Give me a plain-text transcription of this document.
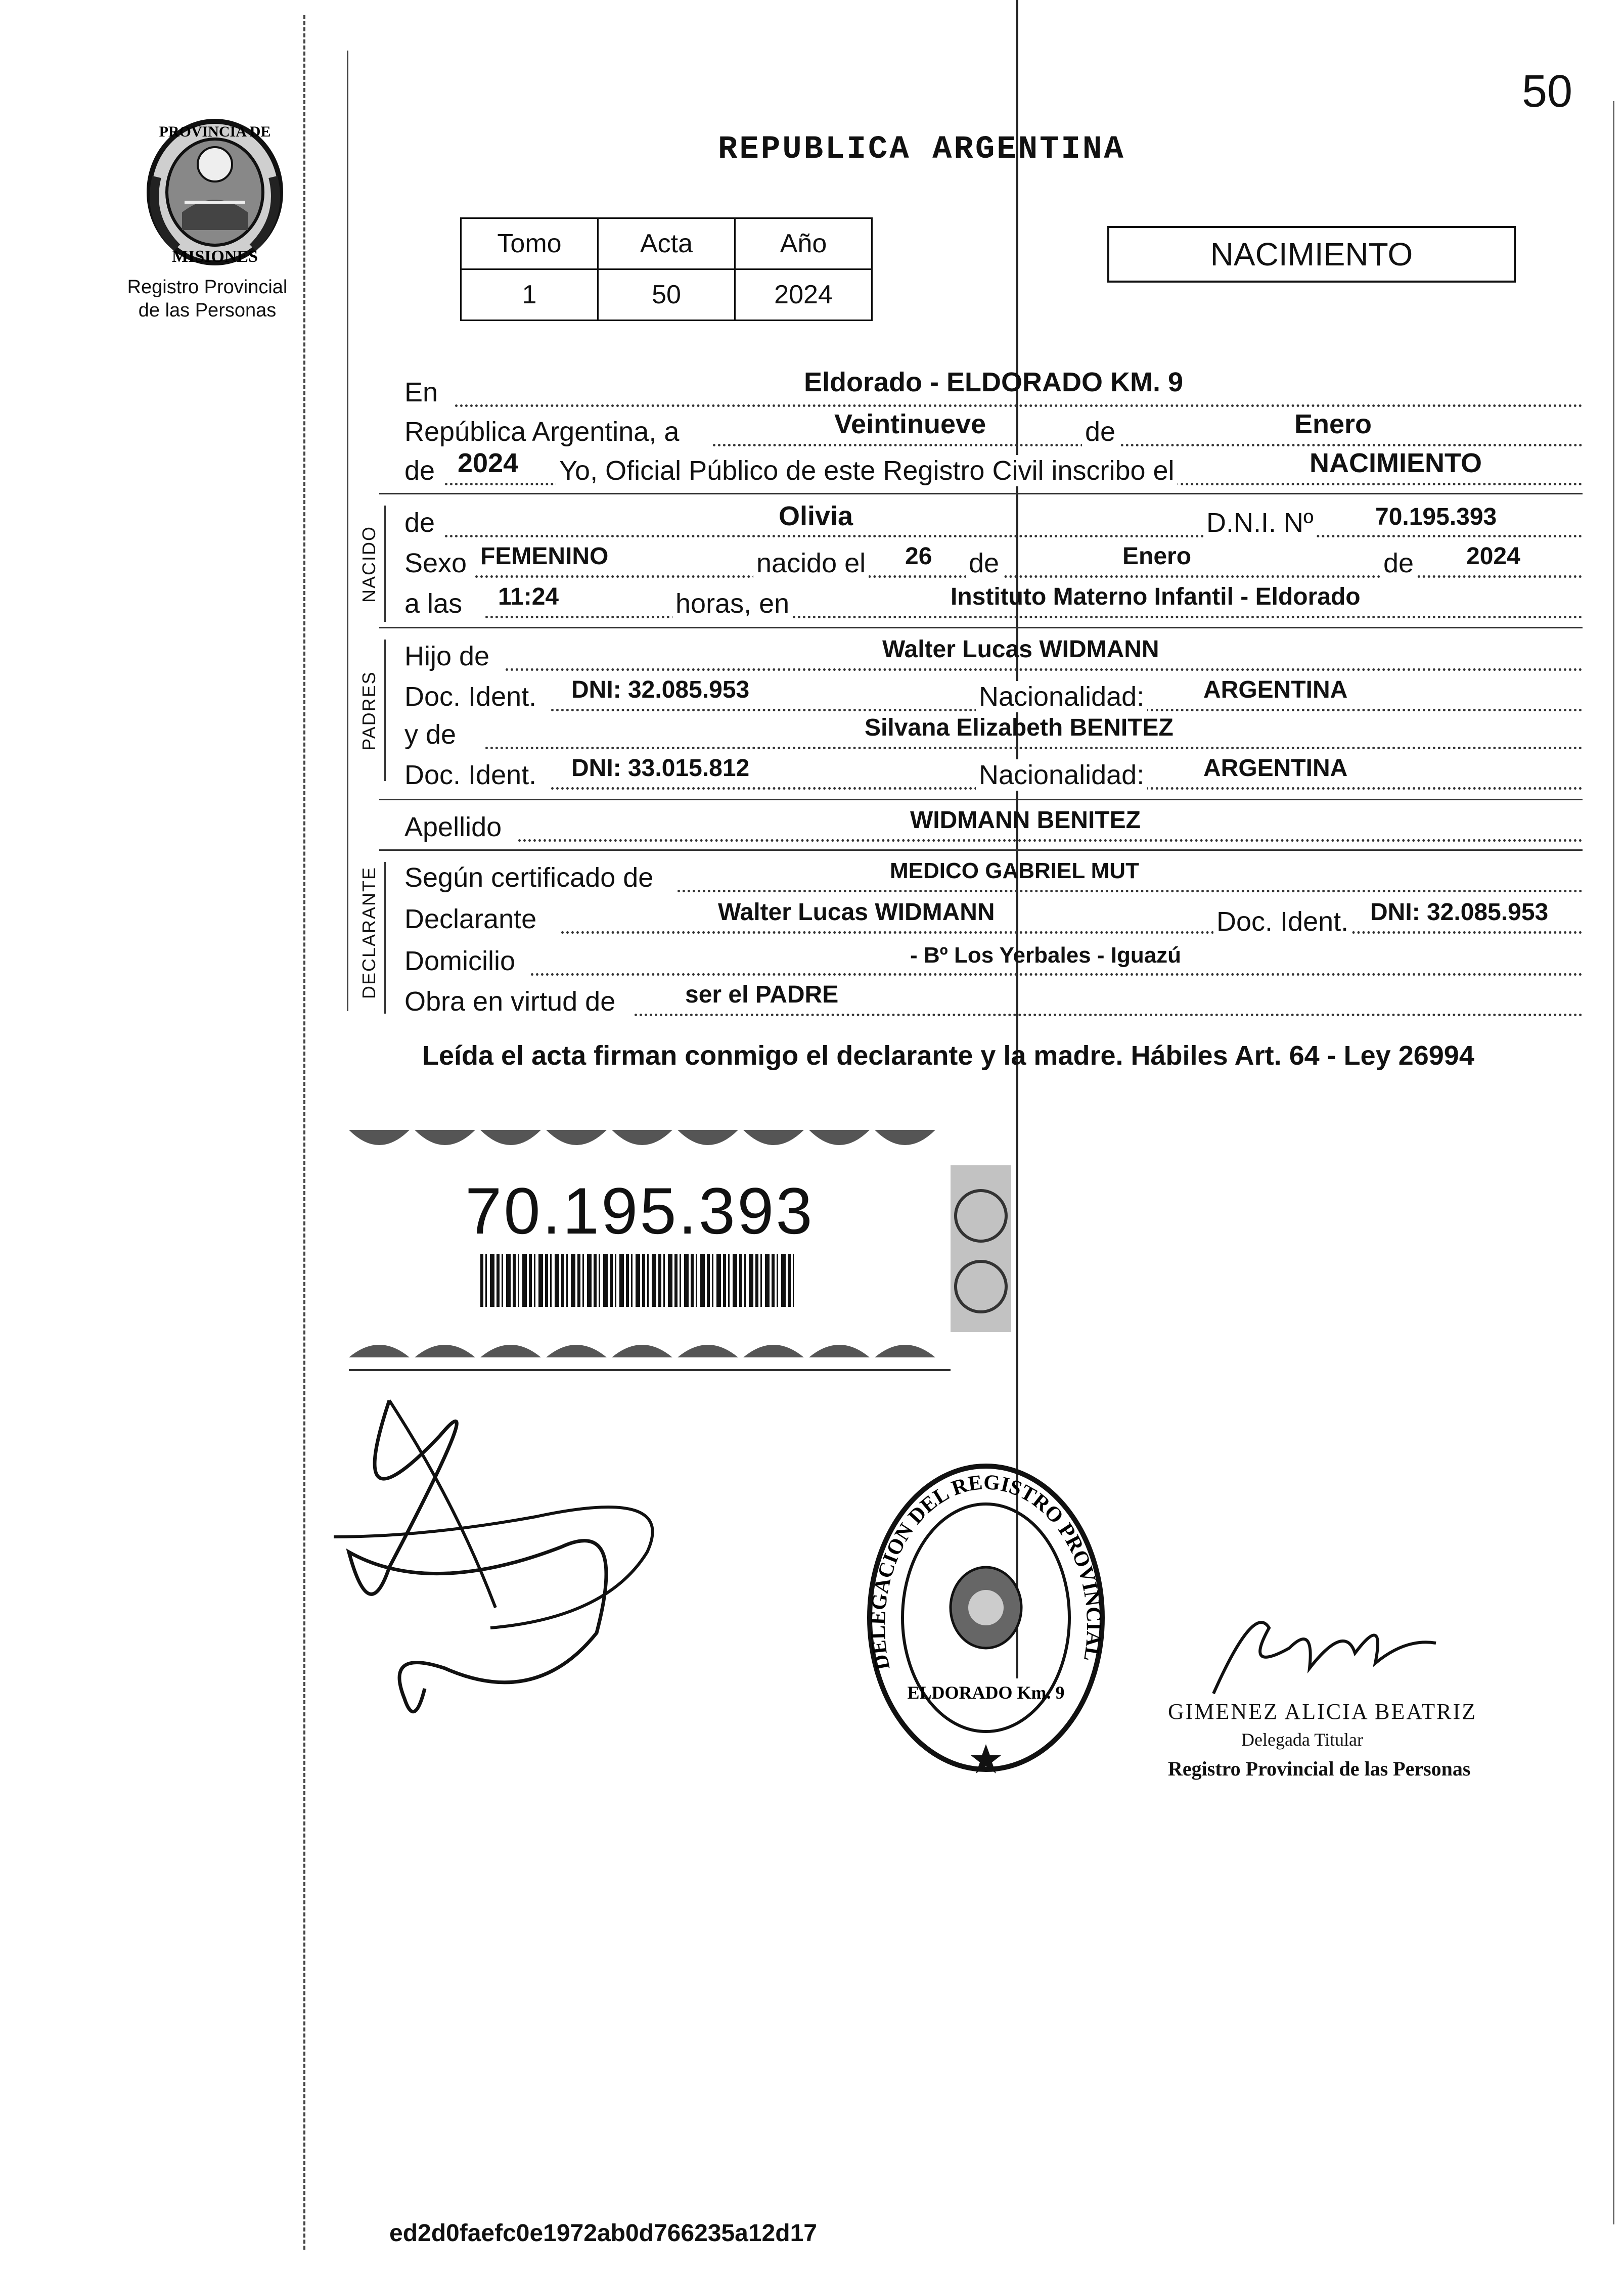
50
PROVINCIA DE
MISIONES
Registro Provincial
de las Personas
REPUBLICA ARGENTINA
Tomo	Acta	Año
1	50	2024
NACIMIENTO
En	Eldorado - ELDORADO KM. 9
República Argentina, a	Veintinueve	de	Enero
de 2024 Yo, Oficial Público de este Registro Civil inscribo el	NACIMIENTO
NACIDO
de	Olivia	D.N.I. Nº	70.195.393
Sexo FEMENINO	nacido el 26 de	Enero	de 2024
a las 11:24	horas, en	Instituto Materno Infantil - Eldorado
PADRES
Hijo de	Walter Lucas WIDMANN
Doc. Ident. DNI: 32.085.953	Nacionalidad: ARGENTINA
y de	Silvana Elizabeth BENITEZ
Doc. Ident. DNI: 33.015.812	Nacionalidad: ARGENTINA
Apellido	WIDMANN BENITEZ
DECLARANTE Según certificado de	MEDICO GABRIEL MUT
Declarante	Walter Lucas WIDMANN	Doc. Ident. DNI: 32.085.953
Domicilio	- Bº Los Yerbales - Iguazú
Obra en virtud de	ser el PADRE
Leída el acta firman conmigo el declarante y la madre. Hábiles Art. 64 - Ley 26994
70.195.393
DELEGACION DEL REGISTRO PROVINCIAL
ELDORADO Km. 9
GIMENEZ ALICIA BEATRIZ
Delegada Titular
Registro Provincial de las Personas
ed2d0faefc0e1972ab0d766235a12d17
